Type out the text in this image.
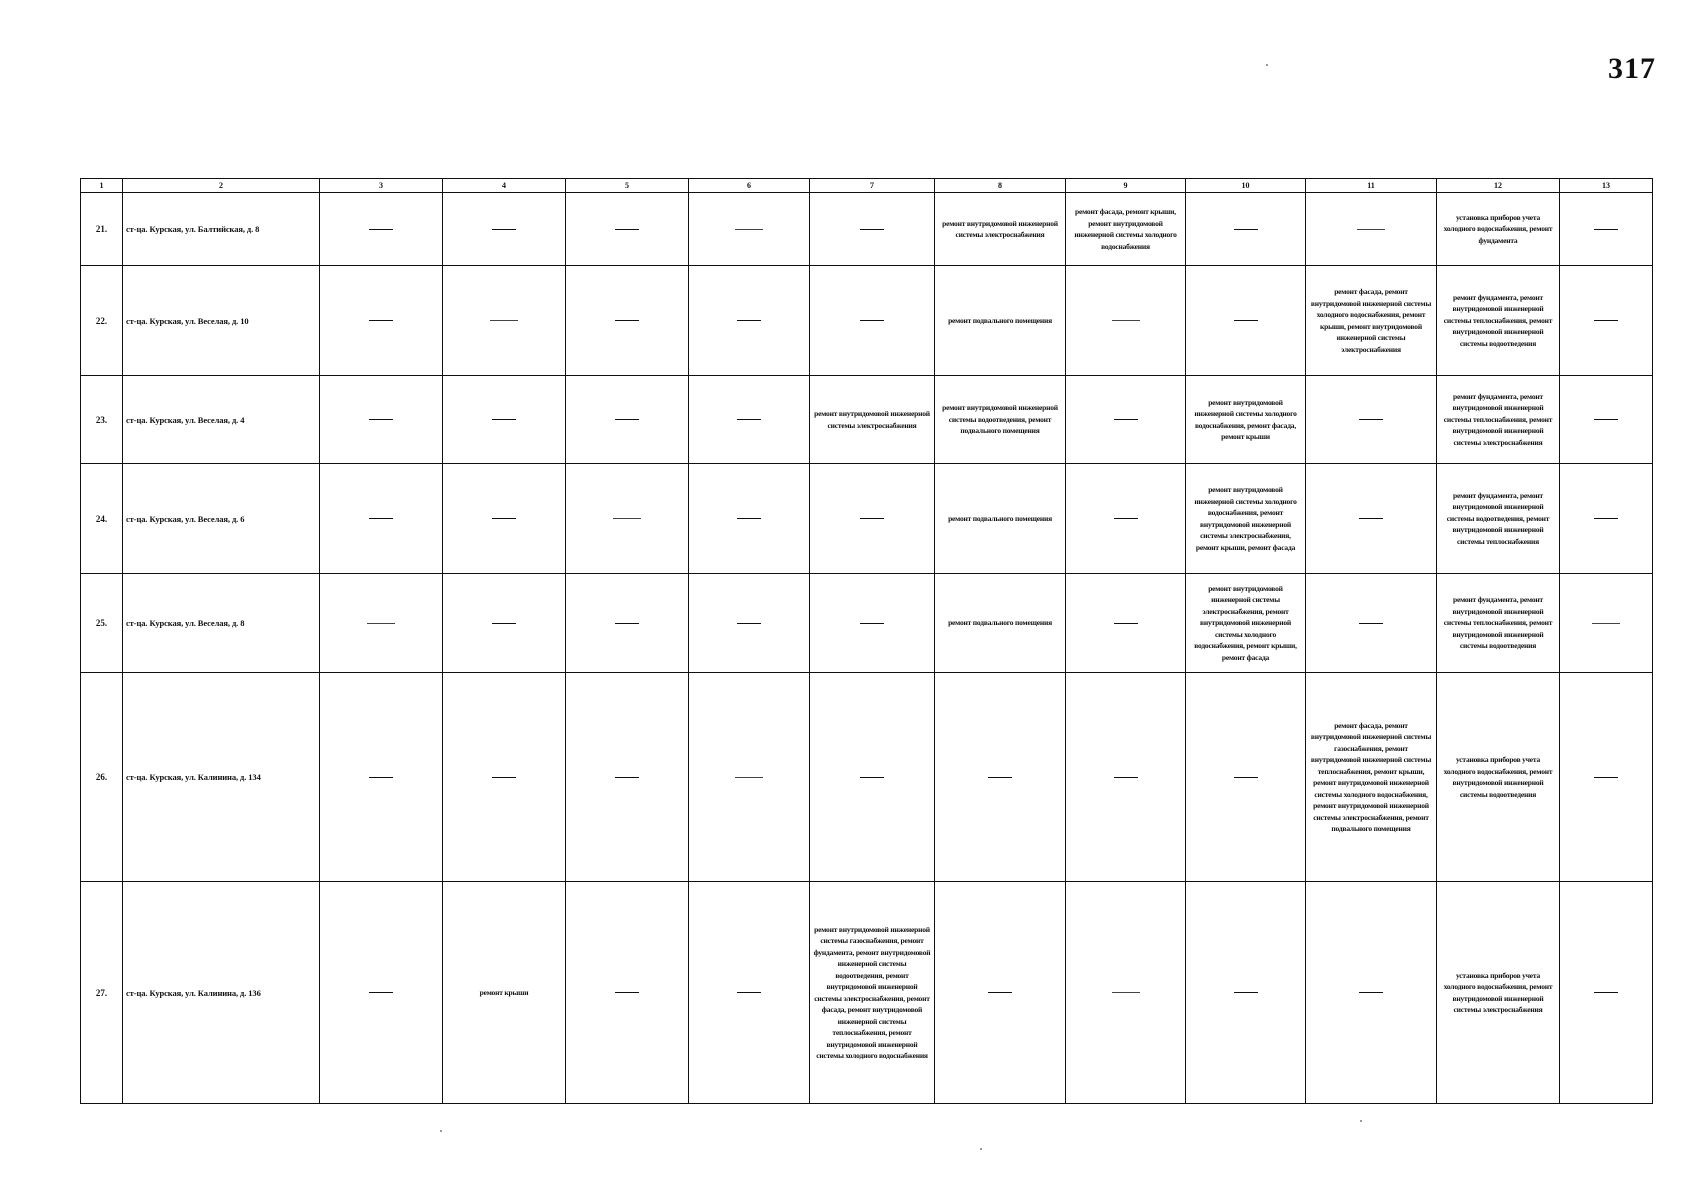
317
1	2	3	4	5	6	7	8	9	10	11	12	13
21.	ст-ца. Курская, ул. Балтийская, д. 8						ремонт внутридомовой инженерной системы электроснабжения	ремонт фасада, ремонт крыши, ремонт внутридомовой инженерной системы холодного водоснабжения			установка приборов учета холодного водоснабжения, ремонт фундамента	
22.	ст-ца. Курская, ул. Веселая, д. 10						ремонт подвального помещения			ремонт фасада, ремонт внутридомовой инженерной системы холодного водоснабжения, ремонт крыши, ремонт внутридомовой инженерной системы электроснабжения	ремонт фундамента, ремонт внутридомовой инженерной системы теплоснабжения, ремонт внутридомовой инженерной системы водоотведения	
23.	ст-ца. Курская, ул. Веселая, д. 4					ремонт внутридомовой инженерной системы электроснабжения	ремонт внутридомовой инженерной системы водоотведения, ремонт подвального помещения		ремонт внутридомовой инженерной системы холодного водоснабжения, ремонт фасада, ремонт крыши		ремонт фундамента, ремонт внутридомовой инженерной системы теплоснабжения, ремонт внутридомовой инженерной системы электроснабжения	
24.	ст-ца. Курская, ул. Веселая, д. 6						ремонт подвального помещения		ремонт внутридомовой инженерной системы холодного водоснабжения, ремонт внутридомовой инженерной системы электроснабжения, ремонт крыши, ремонт фасада		ремонт фундамента, ремонт внутридомовой инженерной системы водоотведения, ремонт внутридомовой инженерной системы теплоснабжения	
25.	ст-ца. Курская, ул. Веселая, д. 8						ремонт подвального помещения		ремонт внутридомовой инженерной системы электроснабжения, ремонт внутридомовой инженерной системы холодного водоснабжения, ремонт крыши, ремонт фасада		ремонт фундамента, ремонт внутридомовой инженерной системы теплоснабжения, ремонт внутридомовой инженерной системы водоотведения	
26.	ст-ца. Курская, ул. Калинина, д. 134									ремонт фасада, ремонт внутридомовой инженерной системы газоснабжения, ремонт внутридомовой инженерной системы теплоснабжения, ремонт крыши, ремонт внутридомовой инженерной системы холодного водоснабжения, ремонт внутридомовой инженерной системы электроснабжения, ремонт подвального помещения	установка приборов учета холодного водоснабжения, ремонт внутридомовой инженерной системы водоотведения	
27.	ст-ца. Курская, ул. Калинина, д. 136		ремонт крыши			ремонт внутридомовой инженерной системы газоснабжения, ремонт фундамента, ремонт внутридомовой инженерной системы водоотведения, ремонт внутридомовой инженерной системы электроснабжения, ремонт фасада, ремонт внутридомовой инженерной системы теплоснабжения, ремонт внутридомовой инженерной системы холодного водоснабжения					установка приборов учета холодного водоснабжения, ремонт внутридомовой инженерной системы электроснабжения	
